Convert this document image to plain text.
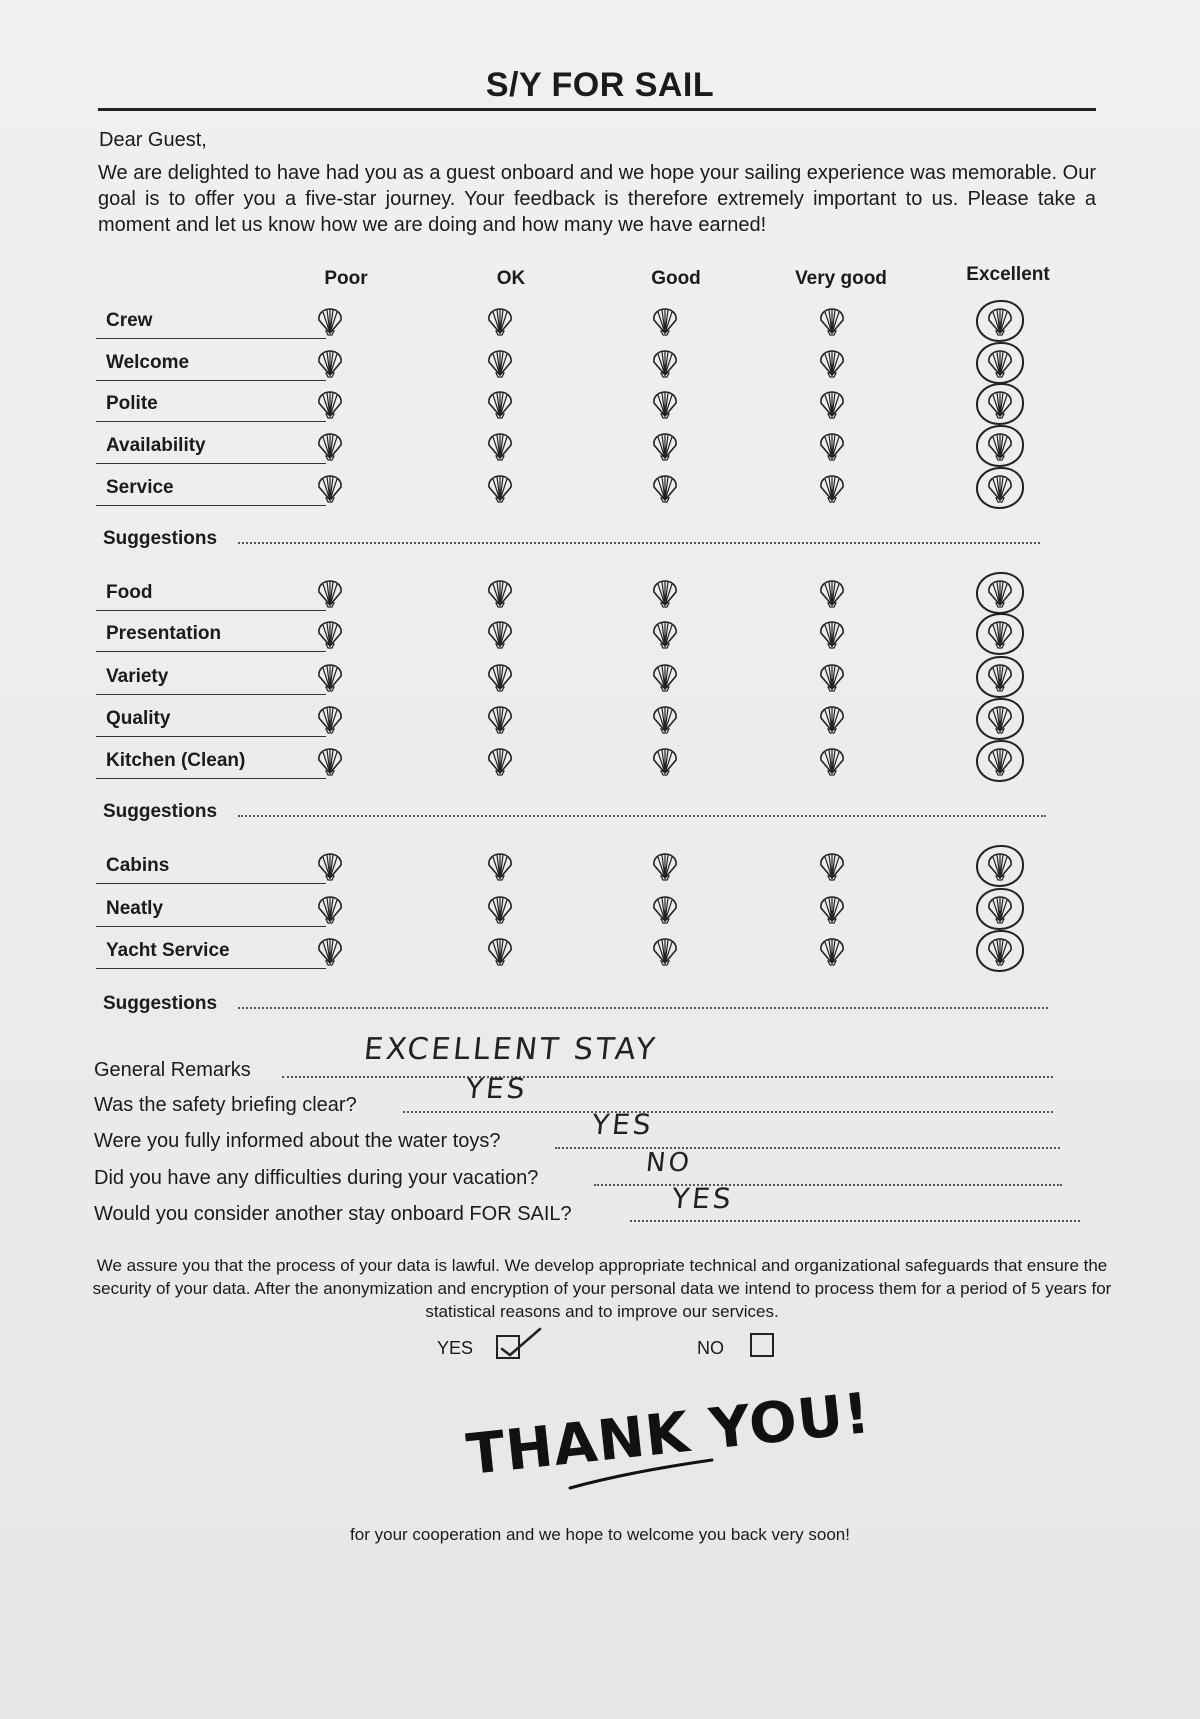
S/Y FOR SAIL
Dear Guest,
We are delighted to have had you as a guest onboard and we hope your sailing experience was memorable. Our goal is to offer you a five-star journey. Your feedback is therefore extremely important to us. Please take a moment and let us know how we are doing and how many we have earned!
Poor	OK	Good	Very good	Excellent
Crew
Welcome
Polite
Availability
Service
Food
Presentation
Variety
Quality
Kitchen (Clean)
Cabins
Neatly
Yacht Service
Suggestions
Suggestions
Suggestions
General Remarks
EXCELLENT STAY
Was the safety briefing clear?	YES
Were you fully informed about the water toys?	YES
Did you have any difficulties during your vacation?	NO
Would you consider another stay onboard FOR SAIL?	YES
We assure you that the process of your data is lawful. We develop appropriate technical and organizational safeguards that ensure the security of your data. After the anonymization and encryption of your personal data we intend to process them for a period of 5 years for statistical reasons and to improve our services.
YES	NO
THANK YOU!
for your cooperation and we hope to welcome you back very soon!
